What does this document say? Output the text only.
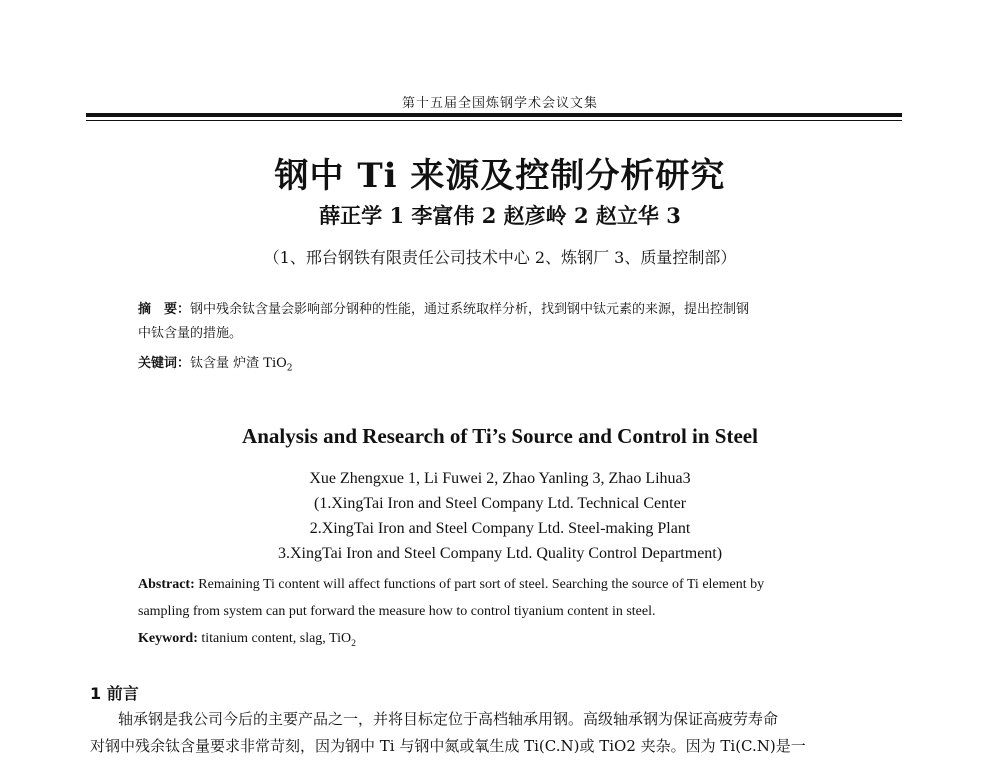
第十五届全国炼钢学术会议文集
钢中 Ti 来源及控制分析研究
薛正学 1 李富伟 2 赵彦岭 2 赵立华 3
（1、邢台钢铁有限责任公司技术中心 2、炼钢厂 3、质量控制部）
摘　要：钢中残余钛含量会影响部分钢种的性能，通过系统取样分析，找到钢中钛元素的来源，提出控制钢
中钛含量的措施。
关键词：钛含量 炉渣 TiO$_2$
Analysis and Research of Ti’s Source and Control in Steel
Xue Zhengxue 1, Li Fuwei 2, Zhao Yanling 3, Zhao Lihua3
(1.XingTai Iron and Steel Company Ltd. Technical Center
2.XingTai Iron and Steel Company Ltd. Steel-making Plant
3.XingTai Iron and Steel Company Ltd. Quality Control Department)
Abstract: Remaining Ti content will affect functions of part sort of steel. Searching the source of Ti element by
sampling from system can put forward the measure how to control tiyanium content in steel.
Keyword: titanium content, slag, TiO$_2$
1 前言
轴承钢是我公司今后的主要产品之一，并将目标定位于高档轴承用钢。高级轴承钢为保证高疲劳寿命
对钢中残余钛含量要求非常苛刻，因为钢中 Ti 与钢中氮或氧生成 Ti(C.N)或 TiO2 夹杂。因为 Ti(C.N)是一
